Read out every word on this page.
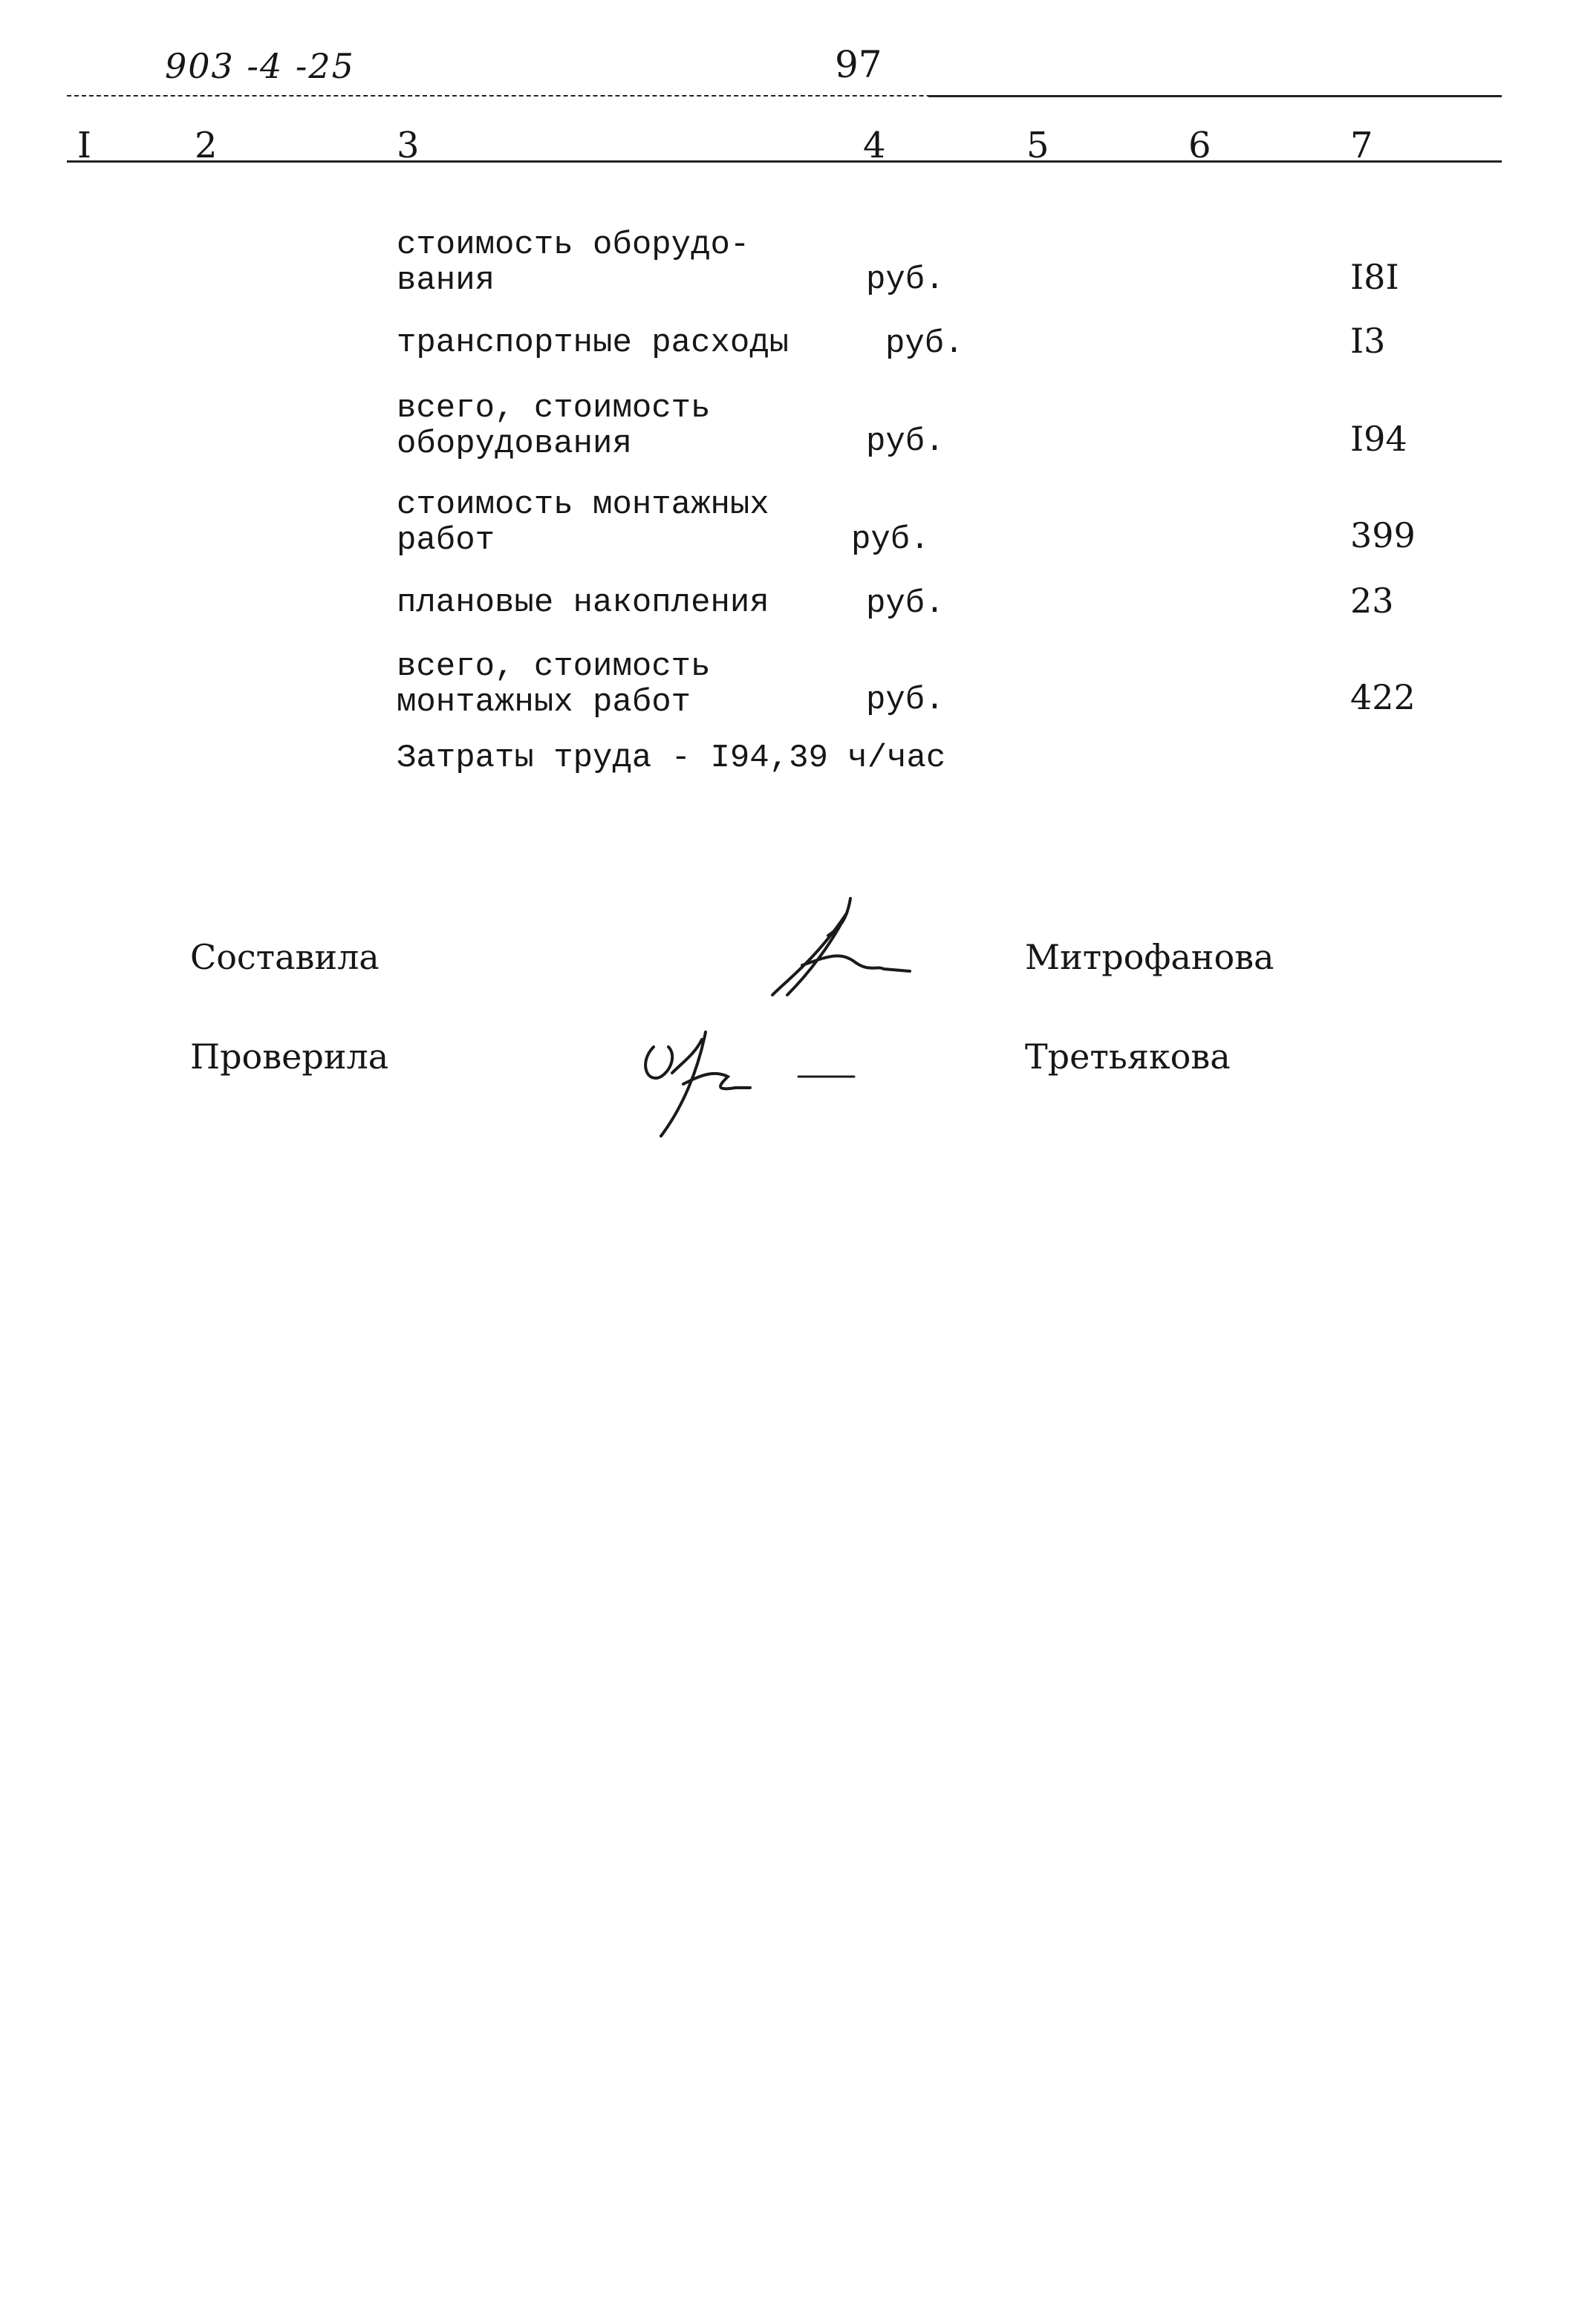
903 -4 -25	97
I	2	3	4	5	6	7
стоимость оборудо-
вания	руб.	I8I
транспортные расходы	руб.	I3
всего, стоимость
оборудования	руб.	I94
стоимость монтажных
работ	руб.	399
плановые накопления	руб.	23
всего, стоимость
монтажных работ	руб.	422
Затраты труда - I94,39 ч/час
Составила	Митрофанова
Проверила	Третьякова
